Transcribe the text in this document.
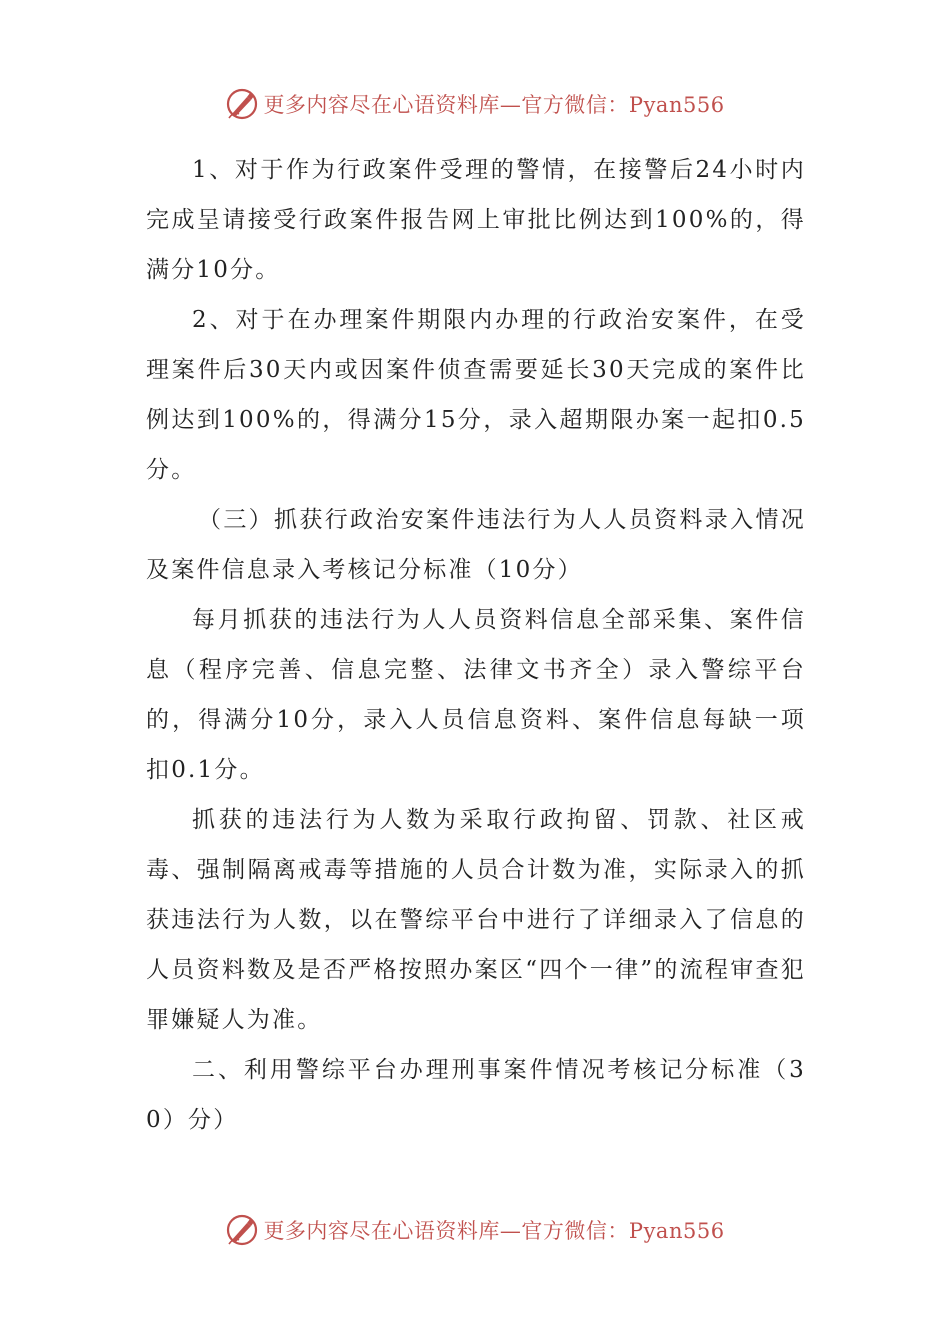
更多内容尽在心语资料库—官方微信：Pyan556

1、对于作为行政案件受理的警情，在接警后24小时内完成呈请接受行政案件报告网上审批比例达到100%的，得满分10分。

2、对于在办理案件期限内办理的行政治安案件，在受理案件后30天内或因案件侦查需要延长30天完成的案件比例达到100%的，得满分15分，录入超期限办案一起扣0.5分。

（三）抓获行政治安案件违法行为人人员资料录入情况及案件信息录入考核记分标准（10分）

每月抓获的违法行为人人员资料信息全部采集、案件信息（程序完善、信息完整、法律文书齐全）录入警综平台的，得满分10分，录入人员信息资料、案件信息每缺一项扣0.1分。

抓获的违法行为人数为采取行政拘留、罚款、社区戒毒、强制隔离戒毒等措施的人员合计数为准，实际录入的抓获违法行为人数，以在警综平台中进行了详细录入了信息的人员资料数及是否严格按照办案区“四个一律”的流程审查犯罪嫌疑人为准。

二、利用警综平台办理刑事案件情况考核记分标准（30）分）

更多内容尽在心语资料库—官方微信：Pyan556
